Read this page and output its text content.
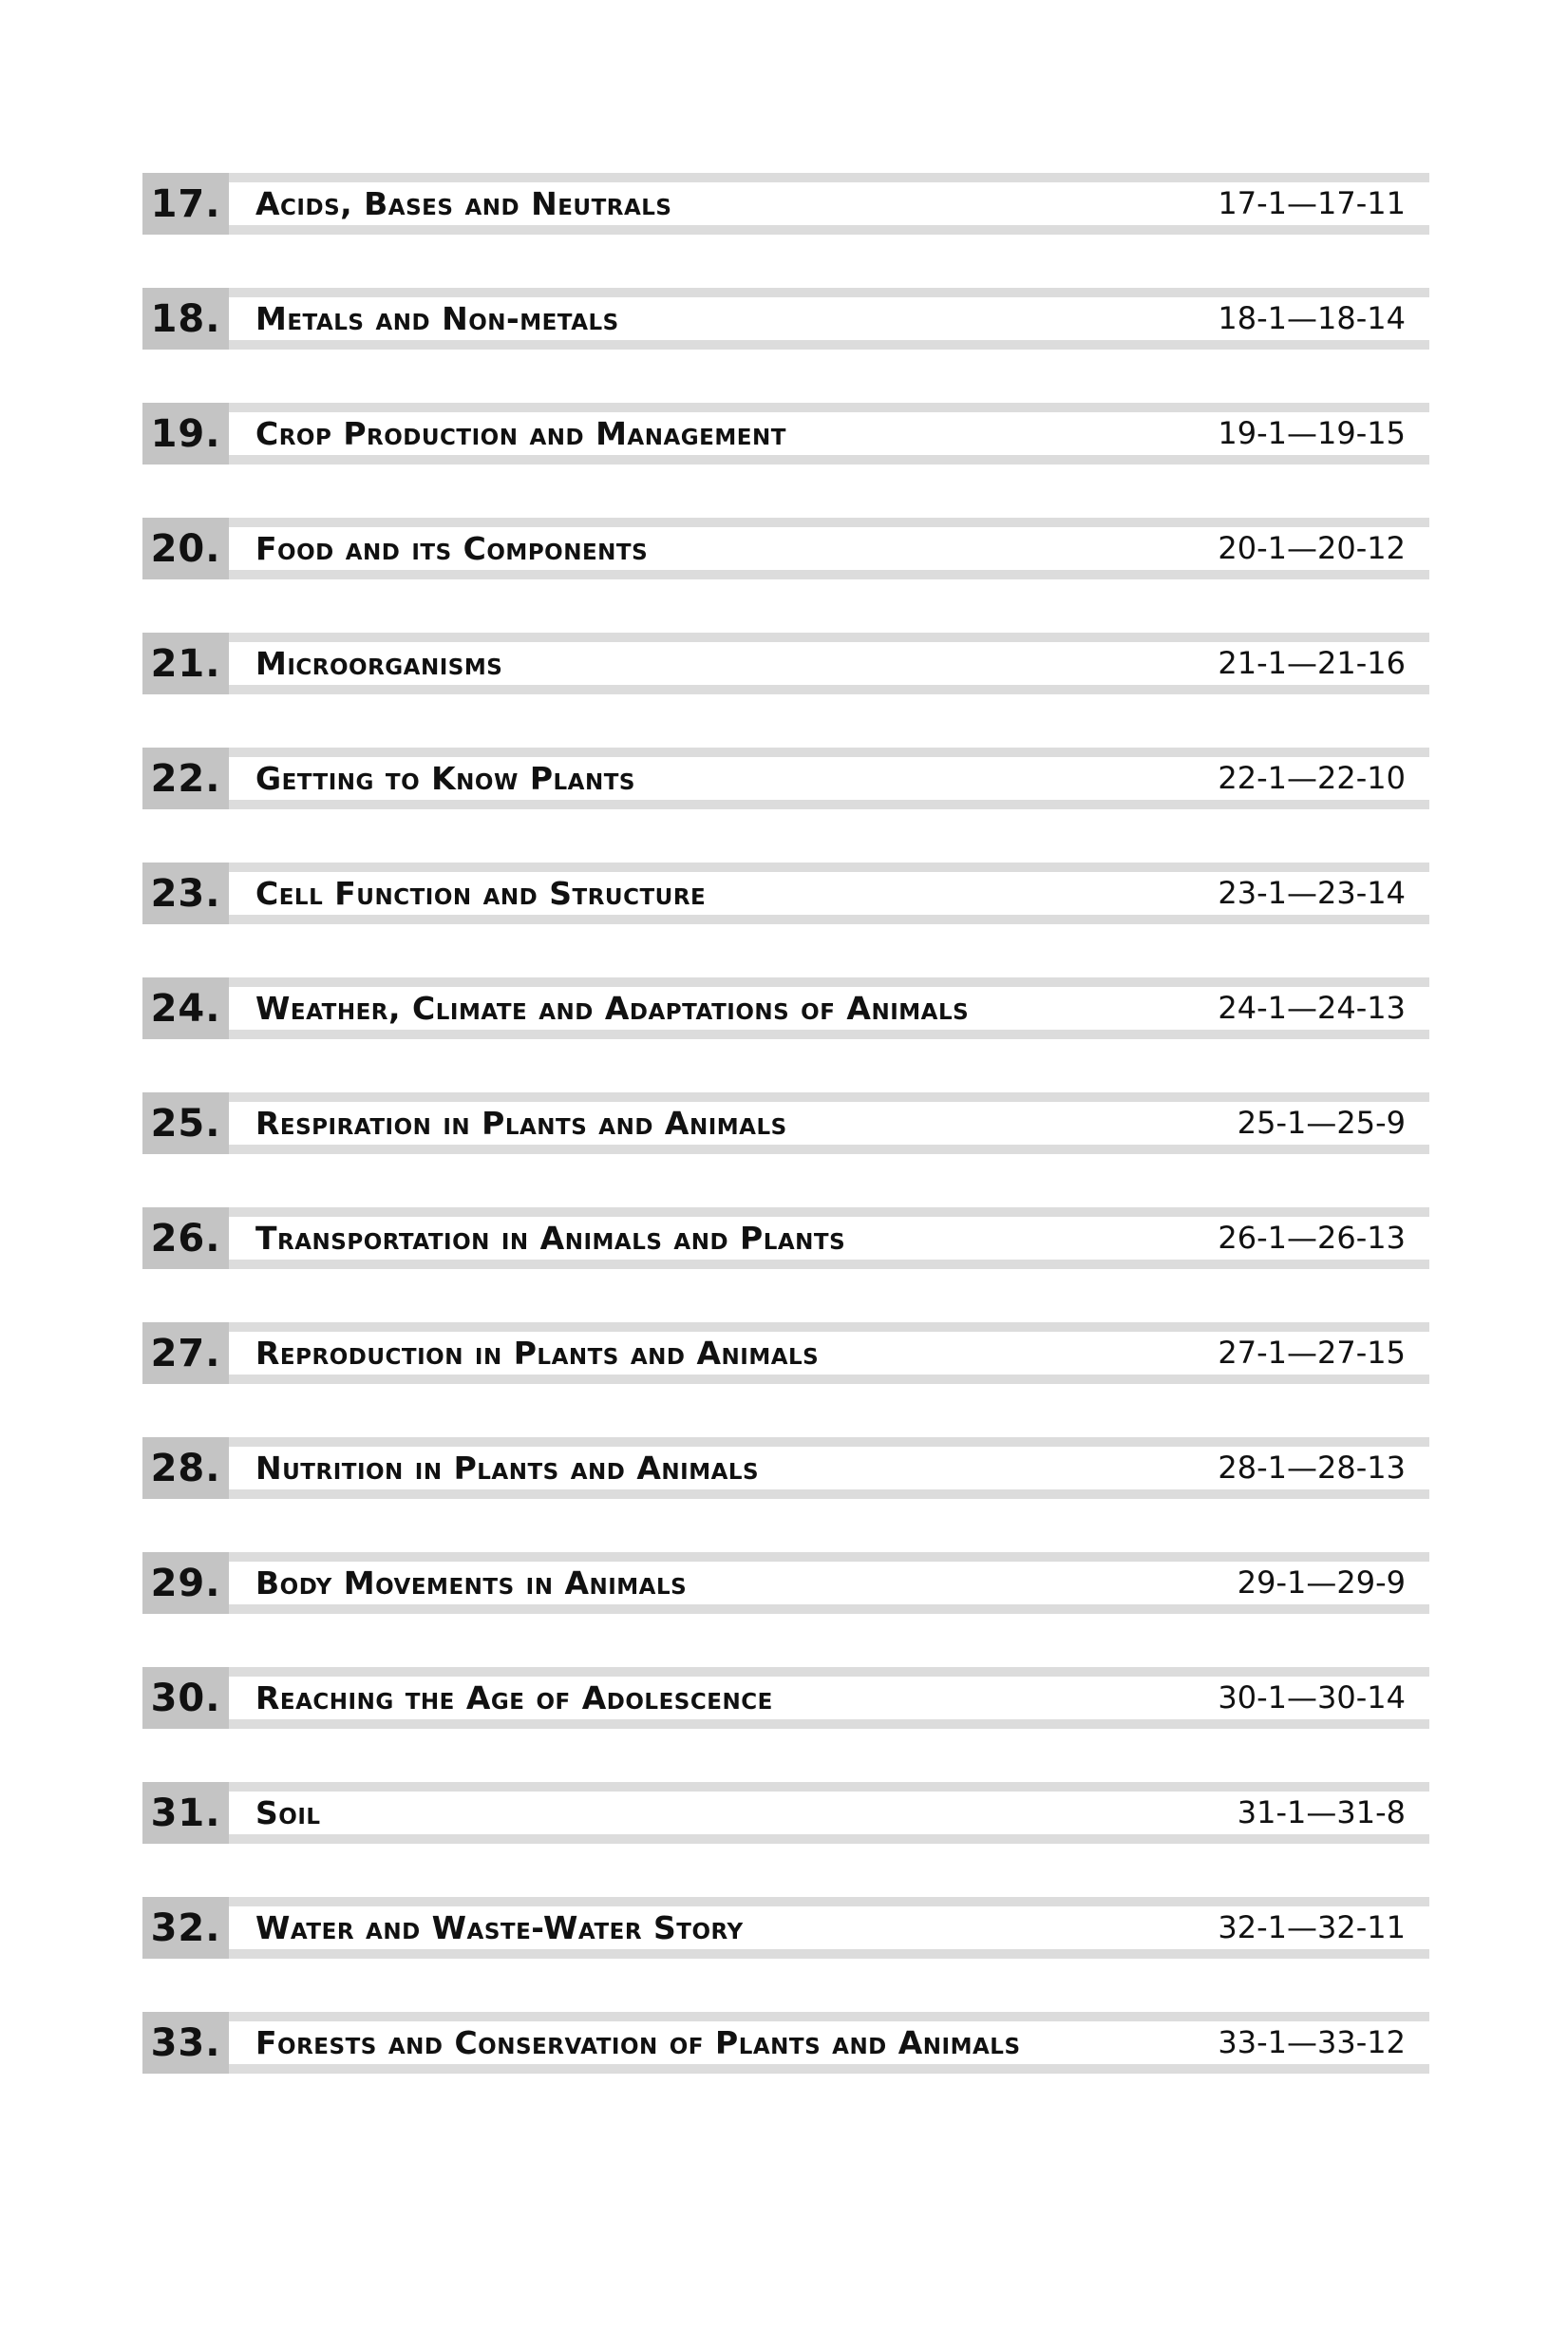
17. Acids, Bases and Neutrals	17-1—17-11
18. Metals and Non-metals	18-1—18-14
19. Crop Production and Management	19-1—19-15
20. Food and its Components	20-1—20-12
21. Microorganisms	21-1—21-16
22. Getting to Know Plants	22-1—22-10
23. Cell Function and Structure	23-1—23-14
24. Weather, Climate and Adaptations of Animals	24-1—24-13
25. Respiration in Plants and Animals	25-1—25-9
26. Transportation in Animals and Plants	26-1—26-13
27. Reproduction in Plants and Animals	27-1—27-15
28. Nutrition in Plants and Animals	28-1—28-13
29. Body Movements in Animals	29-1—29-9
30. Reaching the Age of Adolescence	30-1—30-14
31. Soil	31-1—31-8
32. Water and Waste-Water Story	32-1—32-11
33. Forests and Conservation of Plants and Animals	33-1—33-12
